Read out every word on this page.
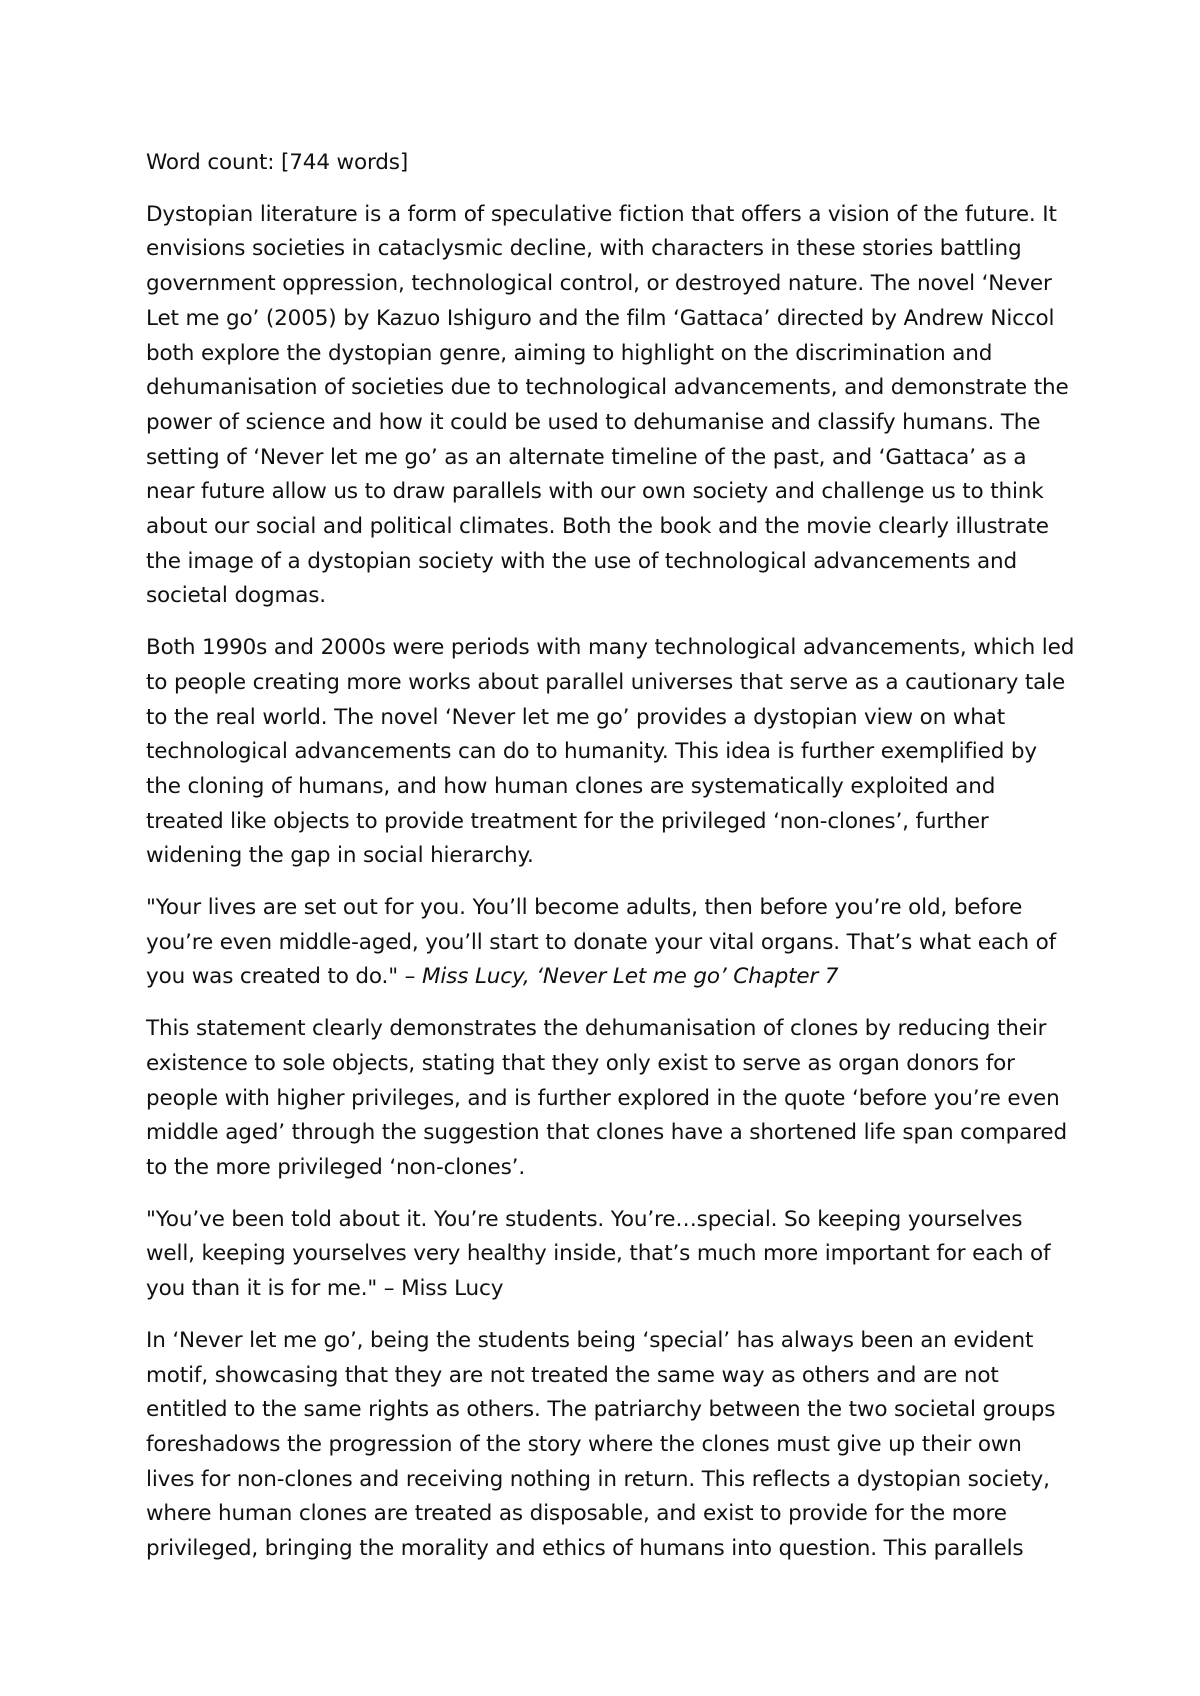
Word count: [744 words]

Dystopian literature is a form of speculative fiction that offers a vision of the future. It envisions societies in cataclysmic decline, with characters in these stories battling government oppression, technological control, or destroyed nature. The novel ‘Never Let me go’ (2005) by Kazuo Ishiguro and the film ‘Gattaca’ directed by Andrew Niccol both explore the dystopian genre, aiming to highlight on the discrimination and dehumanisation of societies due to technological advancements, and demonstrate the power of science and how it could be used to dehumanise and classify humans. The setting of ‘Never let me go’ as an alternate timeline of the past, and ‘Gattaca’ as a near future allow us to draw parallels with our own society and challenge us to think about our social and political climates. Both the book and the movie clearly illustrate the image of a dystopian society with the use of technological advancements and societal dogmas.

Both 1990s and 2000s were periods with many technological advancements, which led to people creating more works about parallel universes that serve as a cautionary tale to the real world. The novel ‘Never let me go’ provides a dystopian view on what technological advancements can do to humanity. This idea is further exemplified by the cloning of humans, and how human clones are systematically exploited and treated like objects to provide treatment for the privileged ‘non-clones’, further widening the gap in social hierarchy.

"Your lives are set out for you. You’ll become adults, then before you’re old, before you’re even middle-aged, you’ll start to donate your vital organs. That’s what each of you was created to do." – Miss Lucy, ‘Never Let me go’ Chapter 7

This statement clearly demonstrates the dehumanisation of clones by reducing their existence to sole objects, stating that they only exist to serve as organ donors for people with higher privileges, and is further explored in the quote ‘before you’re even middle aged’ through the suggestion that clones have a shortened life span compared to the more privileged ‘non-clones’.

"You’ve been told about it. You’re students. You’re…special. So keeping yourselves well, keeping yourselves very healthy inside, that’s much more important for each of you than it is for me." – Miss Lucy

In ‘Never let me go’, being the students being ‘special’ has always been an evident motif, showcasing that they are not treated the same way as others and are not entitled to the same rights as others. The patriarchy between the two societal groups foreshadows the progression of the story where the clones must give up their own lives for non-clones and receiving nothing in return. This reflects a dystopian society, where human clones are treated as disposable, and exist to provide for the more privileged, bringing the morality and ethics of humans into question. This parallels
